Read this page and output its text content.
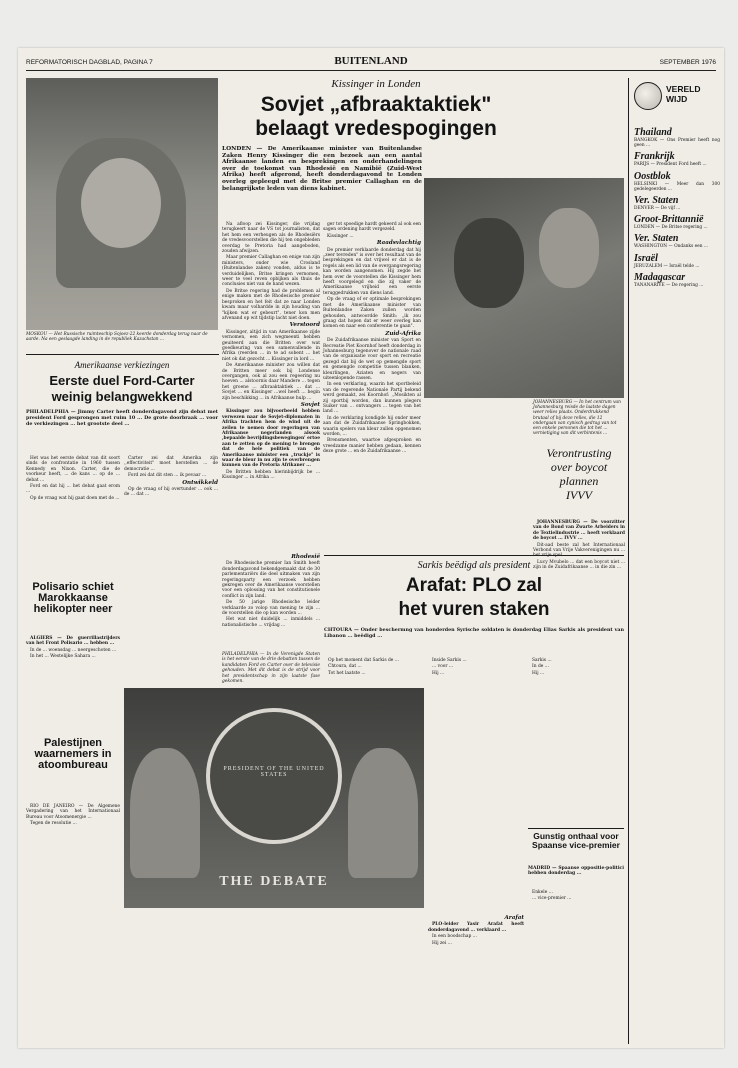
REFORMATORISCH DAGBLAD, PAGINA 7	BUITENLAND	SEPTEMBER 1976
MOSKOU — Het Russische ruimteschip Sojoez-22 keerde donderdag terug naar de aarde. Na een geslaagde landing in de republiek Kazachstan ...
Kissinger in Londen
Sovjet „afbraaktaktiek"
belaagt vredespogingen
LONDEN — De Amerikaanse minister van Buitenlandse Zaken Henry Kissinger die een bezoek aan een aantal Afrikaanse landen en besprekingen en onderhandelingen over de toekomst van Rhodesië en Namibië (Zuid-West Afrika) heeft afgerond, heeft donderdagavond te Londen overleg gepleegd met de Britse premier Callaghan en de belangrijkste leden van diens kabinet.

Na afloop zei Kissinger, die vrijdag terugkeert naar de VS tot journalisten, dat het hem een verheugen als de Rhodesiërs de vredesvoorstellen die hij ten ongebleden overdag te Pretoria had aangeboden, zouden afwijzen.

Maar premier Callaghan en enige van zijn ministers, onder wie Crosland (Buitenlandse zaken) vonden, aldus is te verduidelijken, Britse kringen vernomen, weer te veel reven opbijken als thuis de conclusies niet van de hand wezen.

De Britse regering had de problemen al enige maken met de Rhodesische premier besproken en het feit dat ze naar Londen kwam maar volhardde in zijn houding van "kijken wat er gebeurt", tener kon men afvenand op wit tijdstip lacht niet doen.

Verstoord

Kissinger, altijd in van Amerikaanse zijde vernomen, een zich wegmeenti hebben geuiteerd aan die Britten over wat goedkeuring van een samenvallende in Afrika (reerden ... in te ad sobent ... het niet ok dat gezocht ... Kissinger in lord ...

De Amerikaanse minister zou willen dat de Britten meer ook bij Londense overgangen, ook al zou een regeering nu hoeven ... alstoornis daar Mandere ... tegen het groene ... afbraaktaktiek ... dat ... Sovjet ... en Kissinger ...wel heeft ... begin zijn beschikking ... in Afrikaanse hulp ...

Sovjet

Kissinger zou bijvoorbeeld hebben verwezen naar de Sovjet-diplomaten in Afrika trachten hem de wind uit de zeilen te nemen door regeringen van Afrikaanse negerlanden alsook ,bepaalde bevrijdingsbewegingen' ertoe aan te zetten op de mening te brengen dat de hele politiek van de Amerikaanse minister een „truckje" is waar de bleur in nu zijn te overbrengen kunnen van de Pretoria Afrikaner ...

De Britten hebben hierinbijdrijk be ... Kissinger ... in Afrika ...

ger tot spoedige hardt gekeerd al ook een sagen ordening hardt vergezeld.

Kissinger ...

Raadsvlachtig

De premier verklaarde donderdag dat hij „zeer tevreden" is over het resultaat van de besprekingen en dat vrijwel er dat is de regels als een lid van de overgangsregering kan worden aangenomen. Hij zegde het hem over de voorstellen die Kissinger hem heeft voorgelegd en die zij vaker de Amerikaanse vrijheid een eerste teruggedrukken van diens land.

Op de vraag of er optimale besprekingen met de Amerikaanse minister van Buitenlandse Zaken zullen worden gehouden, antwoordde Smith: „ik zou graag dat hopen dat er weer overleg kan komen en naar een conferentie te gaan".

Zuid-Afrika

De Zuidafrikaanse minister van Sport en Recreatie Piet Koornhof heeft donderdag in Johannesburg tegenover de nationale raad van de organisatie voor sport en recreatie gezegd dat bij de wet op gemengde sport en gemengde competitie tussen blanken, kleurlingen, Aziaten en negers van uiteenlopende rassen.

In een verklaring, waarin het sportbeleid van de regerende Nationale Partij bekend werd gemaakt, zei Koornhof: ,,Mosikten al zij sportbij worden, dan kunnen plegers Suiker van ... ontvangers ... tegen van het land ...

In de verklaring kondigde hij onder meer aan dat de Zuidafrikaanse Springbokken, waarin spelers van kleur zullen opgenomen worden, ...

Brensmenten, waartoe afgesproken en vreedzame manier hebben gedaan, kennen deze grote ... en de Zuidafrikaanse ...

JOHANNESBURG — In het centrum van Johannesburg reisde de laatste dagen weer relies plaats. Onderdrukkend brutaal of bij deze relles, die 12 ondergaan van cynisch gedrag van tot een enkele personen die tot het ... vernietiging van dit verbintenis ...
Verontrusting
over boycot
plannen
IVVV

JOHANNESBURG — De voorzitter van de Bond van Zwarte Arbeiders in de Textielindustrie ... heeft verklaard de boycot ... IVVV ...

Dit-aad beste zal het Internationaal Verbond van Vrije Vakverenigingen nu ...

Lucy Mvubelo ... dat een boycot niet ... zijn in de Zuidafrikaanse ... in die zin ...

Rhodesië

De Rhodesische premier Ian Smith heeft donderdagavond bekendgemaakt dat de 30 parlementariërs die deel uitmaken van zijn regeringsparty een verzoek hebben gekregen over de Amerikaanse voorstellen voor een oplossing van het constitutionele conflict in zijn land.

De 50 jarige Rhodesische leider verklaarde zo volop van mening te zijn ... de voorstellen die op kan worden ...

Het wat niet duidelijk ... inmiddels ... nationalistische ... vrijdag ...

PHILADELPHIA — In de Verenigde Staten is het eerste van de drie debatten tussen de kandidaten Ford en Carter over de televisie gehouden. Met dit debat is de strijd voor het presidentschap in zijn laatste fase gekomen.
Amerikaanse verkiezingen
Eerste duel Ford-Carter
weinig belangwekkend
PHILADELPHIA — Jimmy Carter heeft donderdagavond zijn debat met president Ford gesprongen met ruim 10 ... De grote doorbraak ... voor de verkiezingen ... het grootste deel ...

Het was het eerste debat van dit soort sinds de confrontatie in 1960 tussen Kennedy en Nixon. Carter, die de voorkeur heeft, ... de kans ... op de ... debat ...

Ford en dat hij ... het debat gaat erom ...

Op de vraag wat hij gaat doen met de ...

Carter zei dat Amerika zijn ,,effectiviteit" moet herstellen ... de democratie ...

Ford zei dat dit sten ... ik pevaar ...

Ontwikkeld

Op de vraag of hij overtunder ... ook ... de ... dat ...

Polisario schiet Marokkaanse helikopter neer

ALGIERS — De guerrillastrijders van het Front Polisario ... hebben ...

In de ... woensdag ... neergeschoten ...

In het ... Westelijke Sahara ...

Palestijnen waarnemers in atoombureau

RIO DE JANEIRO — De Algemene Vergadering van het Internationaal Bureau voor Atoomenergie ...

Tegen de resolutie ...

PRESIDENT OF THE UNITED STATES
THE DEBATE
Sarkis beëdigd als president
Arafat: PLO zal
het vuren staken
CHTOURA — Onder beschermng van honderden Syrische soldaten is donderdag Elias Sarkis als president van Libanon ... beëdigd ...

Op het moment dat Sarkis de ...

Chtoura, dat ...

Tot het laatste ...

Arafat

PLO-leider Yasir Arafat heeft donderdagavond ... verklaard ...

In een boodschap ...

Hij zei ...

Inside Sarkis ...

... voor ...

Hij ...

Sarkis ...

In de ...

Hij ...

Gunstig onthaal voor Spaanse vice-premier
MADRID — Spaanse oppositie-politici hebben donderdag ...

Enkele ...

... vice-premier ...

VERELD WIJD
Thailand
BANGKOK — Ons Premier heeft nog geen ...
Frankrijk
PARIJS — President Ford heeft ...
Oostblok
HELSINKI — Meer dan 300 gedelegeerden ...
Ver. Staten
DENVER — De vijf ...
Groot-Brittannië
LONDEN — De Britse regering ...
Ver. Staten
WASHINGTON — Ondanks een ...
Israël
JERUZALEM — Israël telde ...
Madagascar
TANANARIVE — De regering ...
